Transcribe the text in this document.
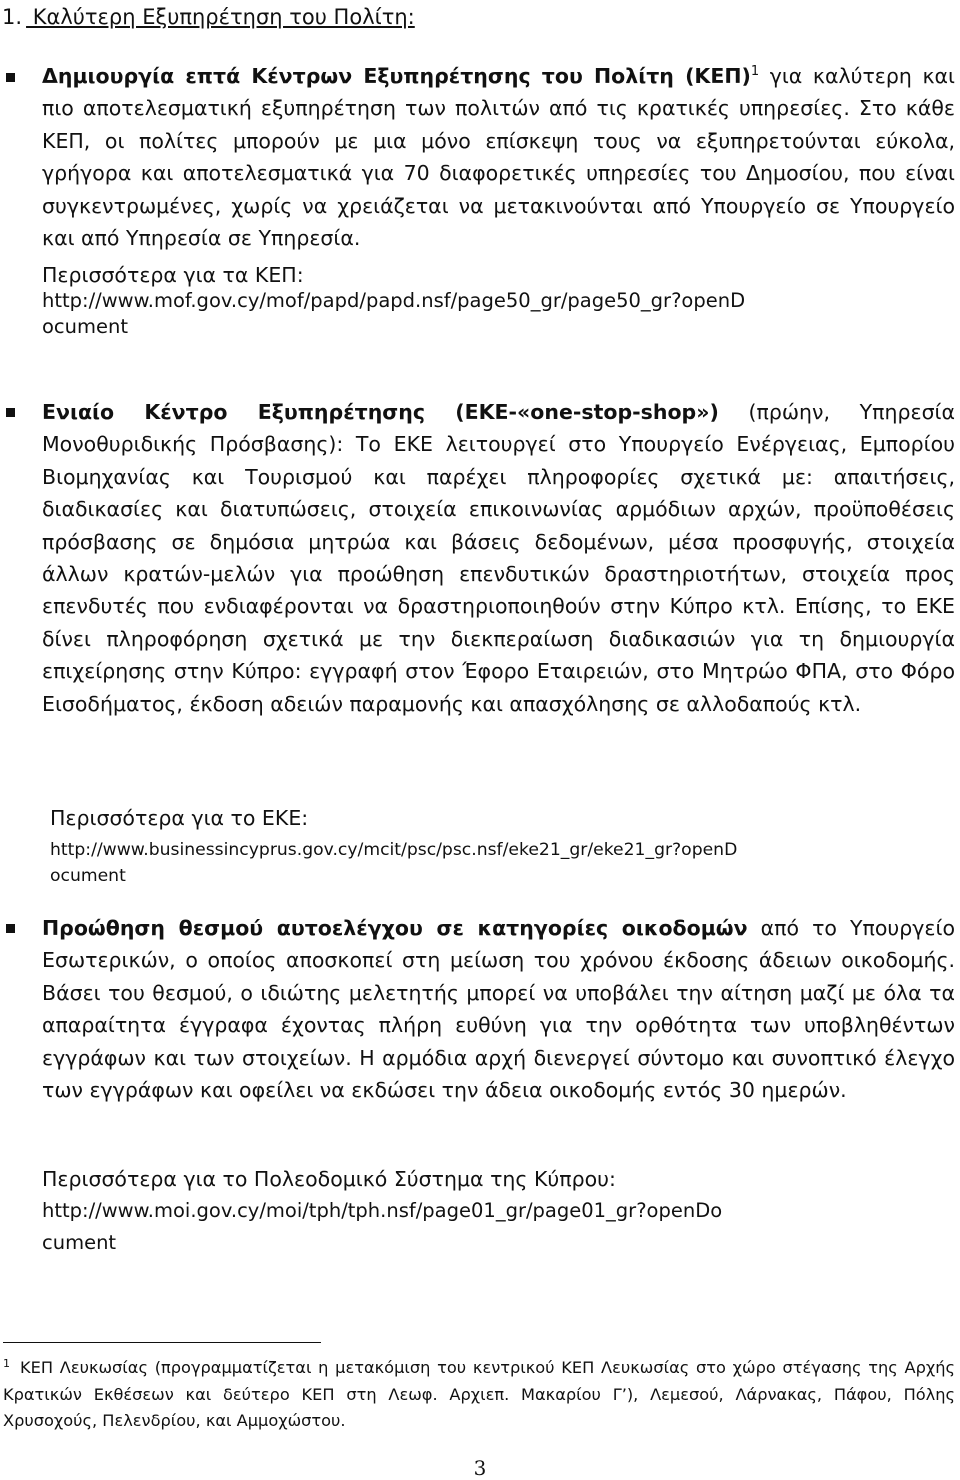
1. Καλύτερη Εξυπηρέτηση του Πολίτη:

Δημιουργία επτά Κέντρων Εξυπηρέτησης του Πολίτη (ΚΕΠ)$^1$ για καλύτερη και πιο αποτελεσματική εξυπηρέτηση των πολιτών από τις κρατικές υπηρεσίες. Στο κάθε ΚΕΠ, οι πολίτες μπορούν με μια μόνο επίσκεψη τους να εξυπηρετούνται εύκολα, γρήγορα και αποτελεσματικά για 70 διαφορετικές υπηρεσίες του Δημοσίου, που είναι συγκεντρωμένες, χωρίς να χρειάζεται να μετακινούνται από Υπουργείο σε Υπουργείο και από Υπηρεσία σε Υπηρεσία.

Περισσότερα για τα ΚΕΠ:
http://www.mof.gov.cy/mof/papd/papd.nsf/page50_gr/page50_gr?openD
ocument

Ενιαίο Κέντρο Εξυπηρέτησης (ΕΚΕ-«one-stop-shop») (πρώην, Υπηρεσία Μονοθυριδικής Πρόσβασης): Το ΕΚΕ λειτουργεί στο Υπουργείο Ενέργειας, Εμπορίου Βιομηχανίας και Τουρισμού και παρέχει πληροφορίες σχετικά με: απαιτήσεις, διαδικασίες και διατυπώσεις, στοιχεία επικοινωνίας αρμόδιων αρχών, προϋποθέσεις πρόσβασης σε δημόσια μητρώα και βάσεις δεδομένων, μέσα προσφυγής, στοιχεία άλλων κρατών-μελών για προώθηση επενδυτικών δραστηριοτήτων, στοιχεία προς επενδυτές που ενδιαφέρονται να δραστηριοποιηθούν στην Κύπρο κτλ. Επίσης, το ΕΚΕ δίνει πληροφόρηση σχετικά με την διεκπεραίωση διαδικασιών για τη δημιουργία επιχείρησης στην Κύπρο: εγγραφή στον Έφορο Εταιρειών, στο Μητρώο ΦΠΑ, στο Φόρο Εισοδήματος, έκδοση αδειών παραμονής και απασχόλησης σε αλλοδαπούς κτλ.

Περισσότερα για το ΕΚΕ:
http://www.businessincyprus.gov.cy/mcit/psc/psc.nsf/eke21_gr/eke21_gr?openD
ocument

Προώθηση θεσμού αυτοελέγχου σε κατηγορίες οικοδομών από το Υπουργείο Εσωτερικών, ο οποίος αποσκοπεί στη μείωση του χρόνου έκδοσης άδειων οικοδομής. Βάσει του θεσμού, ο ιδιώτης μελετητής μπορεί να υποβάλει την αίτηση μαζί με όλα τα απαραίτητα έγγραφα έχοντας πλήρη ευθύνη για την ορθότητα των υποβληθέντων εγγράφων και των στοιχείων. Η αρμόδια αρχή διενεργεί σύντομο και συνοπτικό έλεγχο των εγγράφων και οφείλει να εκδώσει την άδεια οικοδομής εντός 30 ημερών.

Περισσότερα για το Πολεοδομικό Σύστημα της Κύπρου:
http://www.moi.gov.cy/moi/tph/tph.nsf/page01_gr/page01_gr?openDo
cument
$^1$ ΚΕΠ Λευκωσίας (προγραμματίζεται η μετακόμιση του κεντρικού ΚΕΠ Λευκωσίας στο χώρο στέγασης της Αρχής Κρατικών Εκθέσεων και δεύτερο ΚΕΠ στη Λεωφ. Αρχιεπ. Μακαρίου Γ’), Λεμεσού, Λάρνακας, Πάφου, Πόλης Χρυσοχούς, Πελενδρίου, και Αμμοχώστου.
3
